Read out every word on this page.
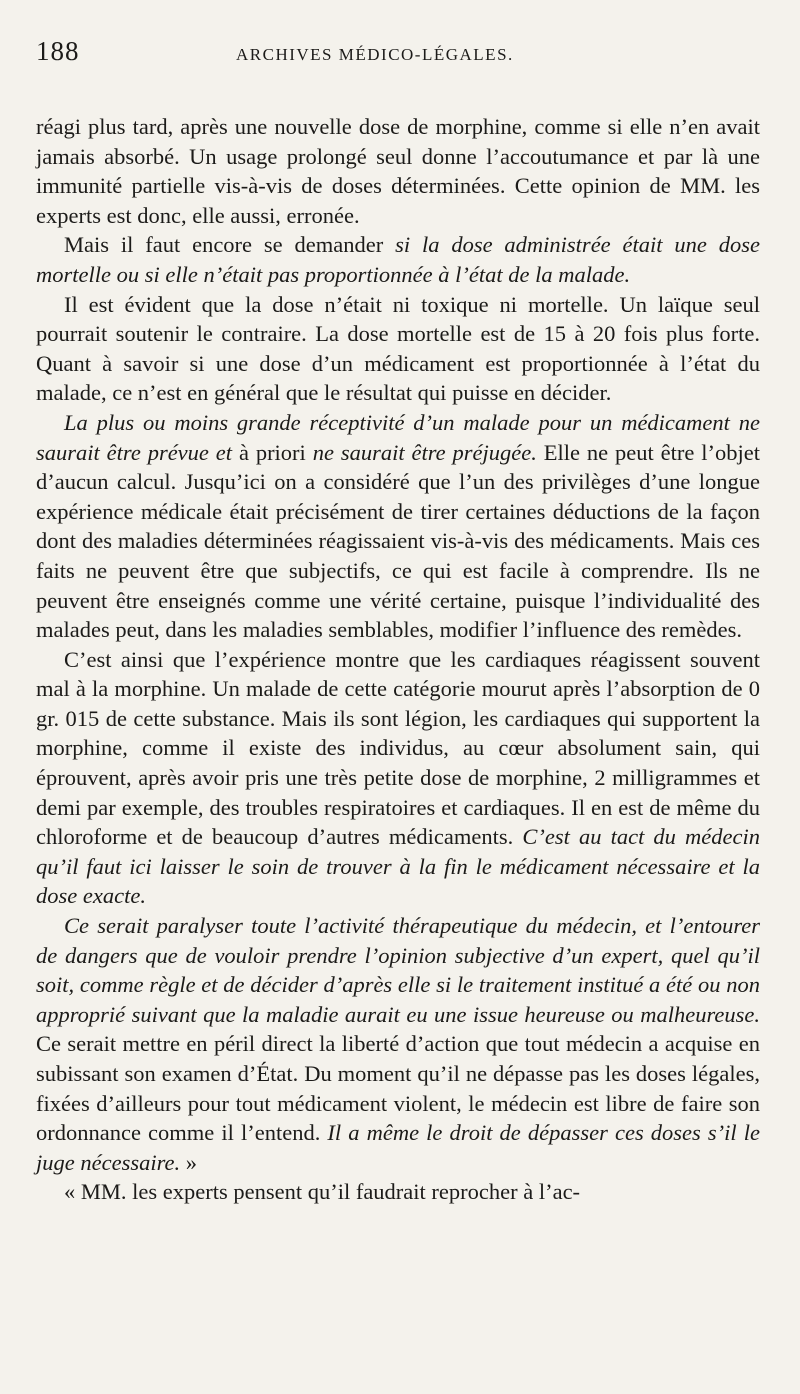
188	ARCHIVES MÉDICO-LÉGALES.

réagi plus tard, après une nouvelle dose de morphine, comme si elle n’en avait jamais absorbé. Un usage prolongé seul donne l’accoutumance et par là une immunité partielle vis-à-vis de doses déterminées. Cette opinion de MM. les experts est donc, elle aussi, erronée.

Mais il faut encore se demander si la dose administrée était une dose mortelle ou si elle n’était pas proportionnée à l’état de la malade.

Il est évident que la dose n’était ni toxique ni mortelle. Un laïque seul pourrait soutenir le contraire. La dose mortelle est de 15 à 20 fois plus forte. Quant à savoir si une dose d’un médicament est proportionnée à l’état du malade, ce n’est en général que le résultat qui puisse en décider.

La plus ou moins grande réceptivité d’un malade pour un médicament ne saurait être prévue et à priori ne saurait être préjugée. Elle ne peut être l’objet d’aucun calcul. Jusqu’ici on a considéré que l’un des privilèges d’une longue expérience médicale était précisément de tirer certaines déductions de la façon dont des maladies déterminées réagissaient vis-à-vis des médicaments. Mais ces faits ne peuvent être que subjectifs, ce qui est facile à comprendre. Ils ne peuvent être enseignés comme une vérité certaine, puisque l’individualité des malades peut, dans les maladies semblables, modifier l’influence des remèdes.

C’est ainsi que l’expérience montre que les cardiaques réagissent souvent mal à la morphine. Un malade de cette catégorie mourut après l’absorption de 0 gr. 015 de cette substance. Mais ils sont légion, les cardiaques qui supportent la morphine, comme il existe des individus, au cœur absolument sain, qui éprouvent, après avoir pris une très petite dose de morphine, 2 milligrammes et demi par exemple, des troubles respiratoires et cardiaques. Il en est de même du chloroforme et de beaucoup d’autres médicaments. C’est au tact du médecin qu’il faut ici laisser le soin de trouver à la fin le médicament nécessaire et la dose exacte.

Ce serait paralyser toute l’activité thérapeutique du médecin, et l’entourer de dangers que de vouloir prendre l’opinion subjective d’un expert, quel qu’il soit, comme règle et de décider d’après elle si le traitement institué a été ou non approprié suivant que la maladie aurait eu une issue heureuse ou malheureuse. Ce serait mettre en péril direct la liberté d’action que tout médecin a acquise en subissant son examen d’État. Du moment qu’il ne dépasse pas les doses légales, fixées d’ailleurs pour tout médicament violent, le médecin est libre de faire son ordonnance comme il l’entend. Il a même le droit de dépasser ces doses s’il le juge nécessaire. »

« MM. les experts pensent qu’il faudrait reprocher à l’ac-
